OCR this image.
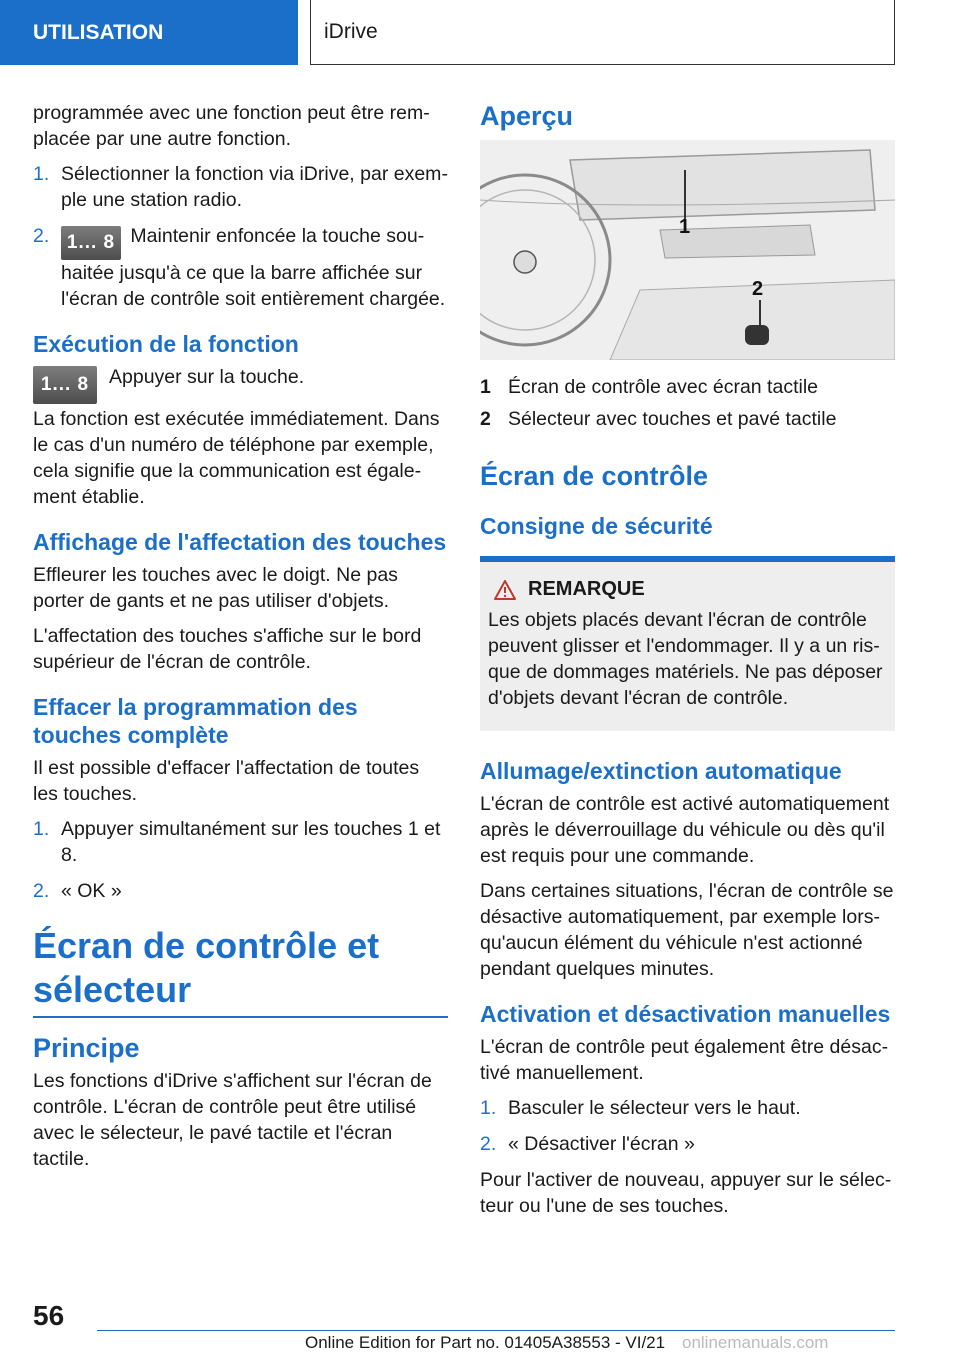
UTILISATION	iDrive

programmée avec une fonction peut être remplacée par une autre fonction.

1. Sélectionner la fonction via iDrive, par exemple une station radio.
2. 1... 8 Maintenir enfoncée la touche souhaitée jusqu'à ce que la barre affichée sur l'écran de contrôle soit entièrement chargée.
Exécution de la fonction
1... 8	Appuyer sur la touche.

La fonction est exécutée immédiatement. Dans le cas d'un numéro de téléphone par exemple, cela signifie que la communication est également établie.

Affichage de l'affectation des touches

Effleurer les touches avec le doigt. Ne pas porter de gants et ne pas utiliser d'objets.

L'affectation des touches s'affiche sur le bord supérieur de l'écran de contrôle.

Effacer la programmation des touches complète

Il est possible d'effacer l'affectation de toutes les touches.

1. Appuyer simultanément sur les touches 1 et 8.
2. « OK »
Écran de contrôle et sélecteur
Principe

Les fonctions d'iDrive s'affichent sur l'écran de contrôle. L'écran de contrôle peut être utilisé avec le sélecteur, le pavé tactile et l'écran tactile.

Aperçu
1
2
1 Écran de contrôle avec écran tactile
2 Sélecteur avec touches et pavé tactile
Écran de contrôle
Consigne de sécurité
REMARQUE

Les objets placés devant l'écran de contrôle peuvent glisser et l'endommager. Il y a un risque de dommages matériels. Ne pas déposer d'objets devant l'écran de contrôle.

Allumage/extinction automatique

L'écran de contrôle est activé automatiquement après le déverrouillage du véhicule ou dès qu'il est requis pour une commande.

Dans certaines situations, l'écran de contrôle se désactive automatiquement, par exemple lorsqu'aucun élément du véhicule n'est actionné pendant quelques minutes.

Activation et désactivation manuelles

L'écran de contrôle peut également être désactivé manuellement.

1. Basculer le sélecteur vers le haut.
2. « Désactiver l'écran »

Pour l'activer de nouveau, appuyer sur le sélecteur ou l'une de ses touches.

56
Online Edition for Part no. 01405A38553 - VI/21 onlinemanuals.com
